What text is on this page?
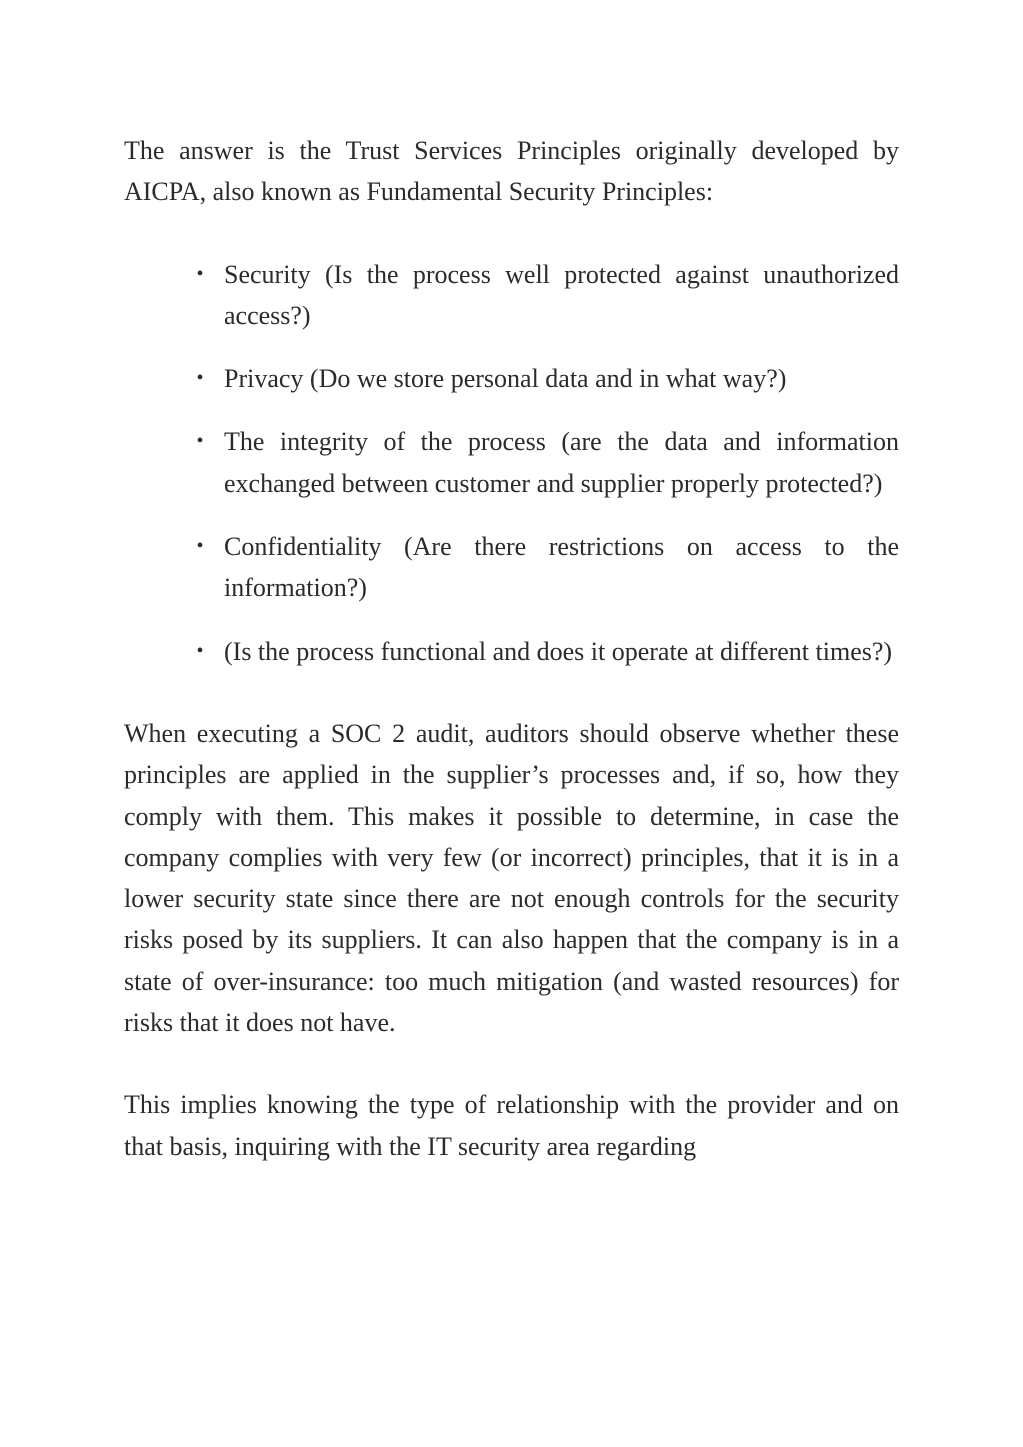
The answer is the Trust Services Principles originally developed by AICPA, also known as Fundamental Security Principles:

• Security (Is the process well protected against unauthorized access?)
• Privacy (Do we store personal data and in what way?)
• The integrity of the process (are the data and information exchanged between customer and supplier properly protected?)
• Confidentiality (Are there restrictions on access to the information?)
• (Is the process functional and does it operate at different times?)

When executing a SOC 2 audit, auditors should observe whether these principles are applied in the supplier’s processes and, if so, how they comply with them. This makes it possible to determine, in case the company complies with very few (or incorrect) principles, that it is in a lower security state since there are not enough controls for the security risks posed by its suppliers. It can also happen that the company is in a state of over-insurance: too much mitigation (and wasted resources) for risks that it does not have.

This implies knowing the type of relationship with the provider and on that basis, inquiring with the IT security area regarding
